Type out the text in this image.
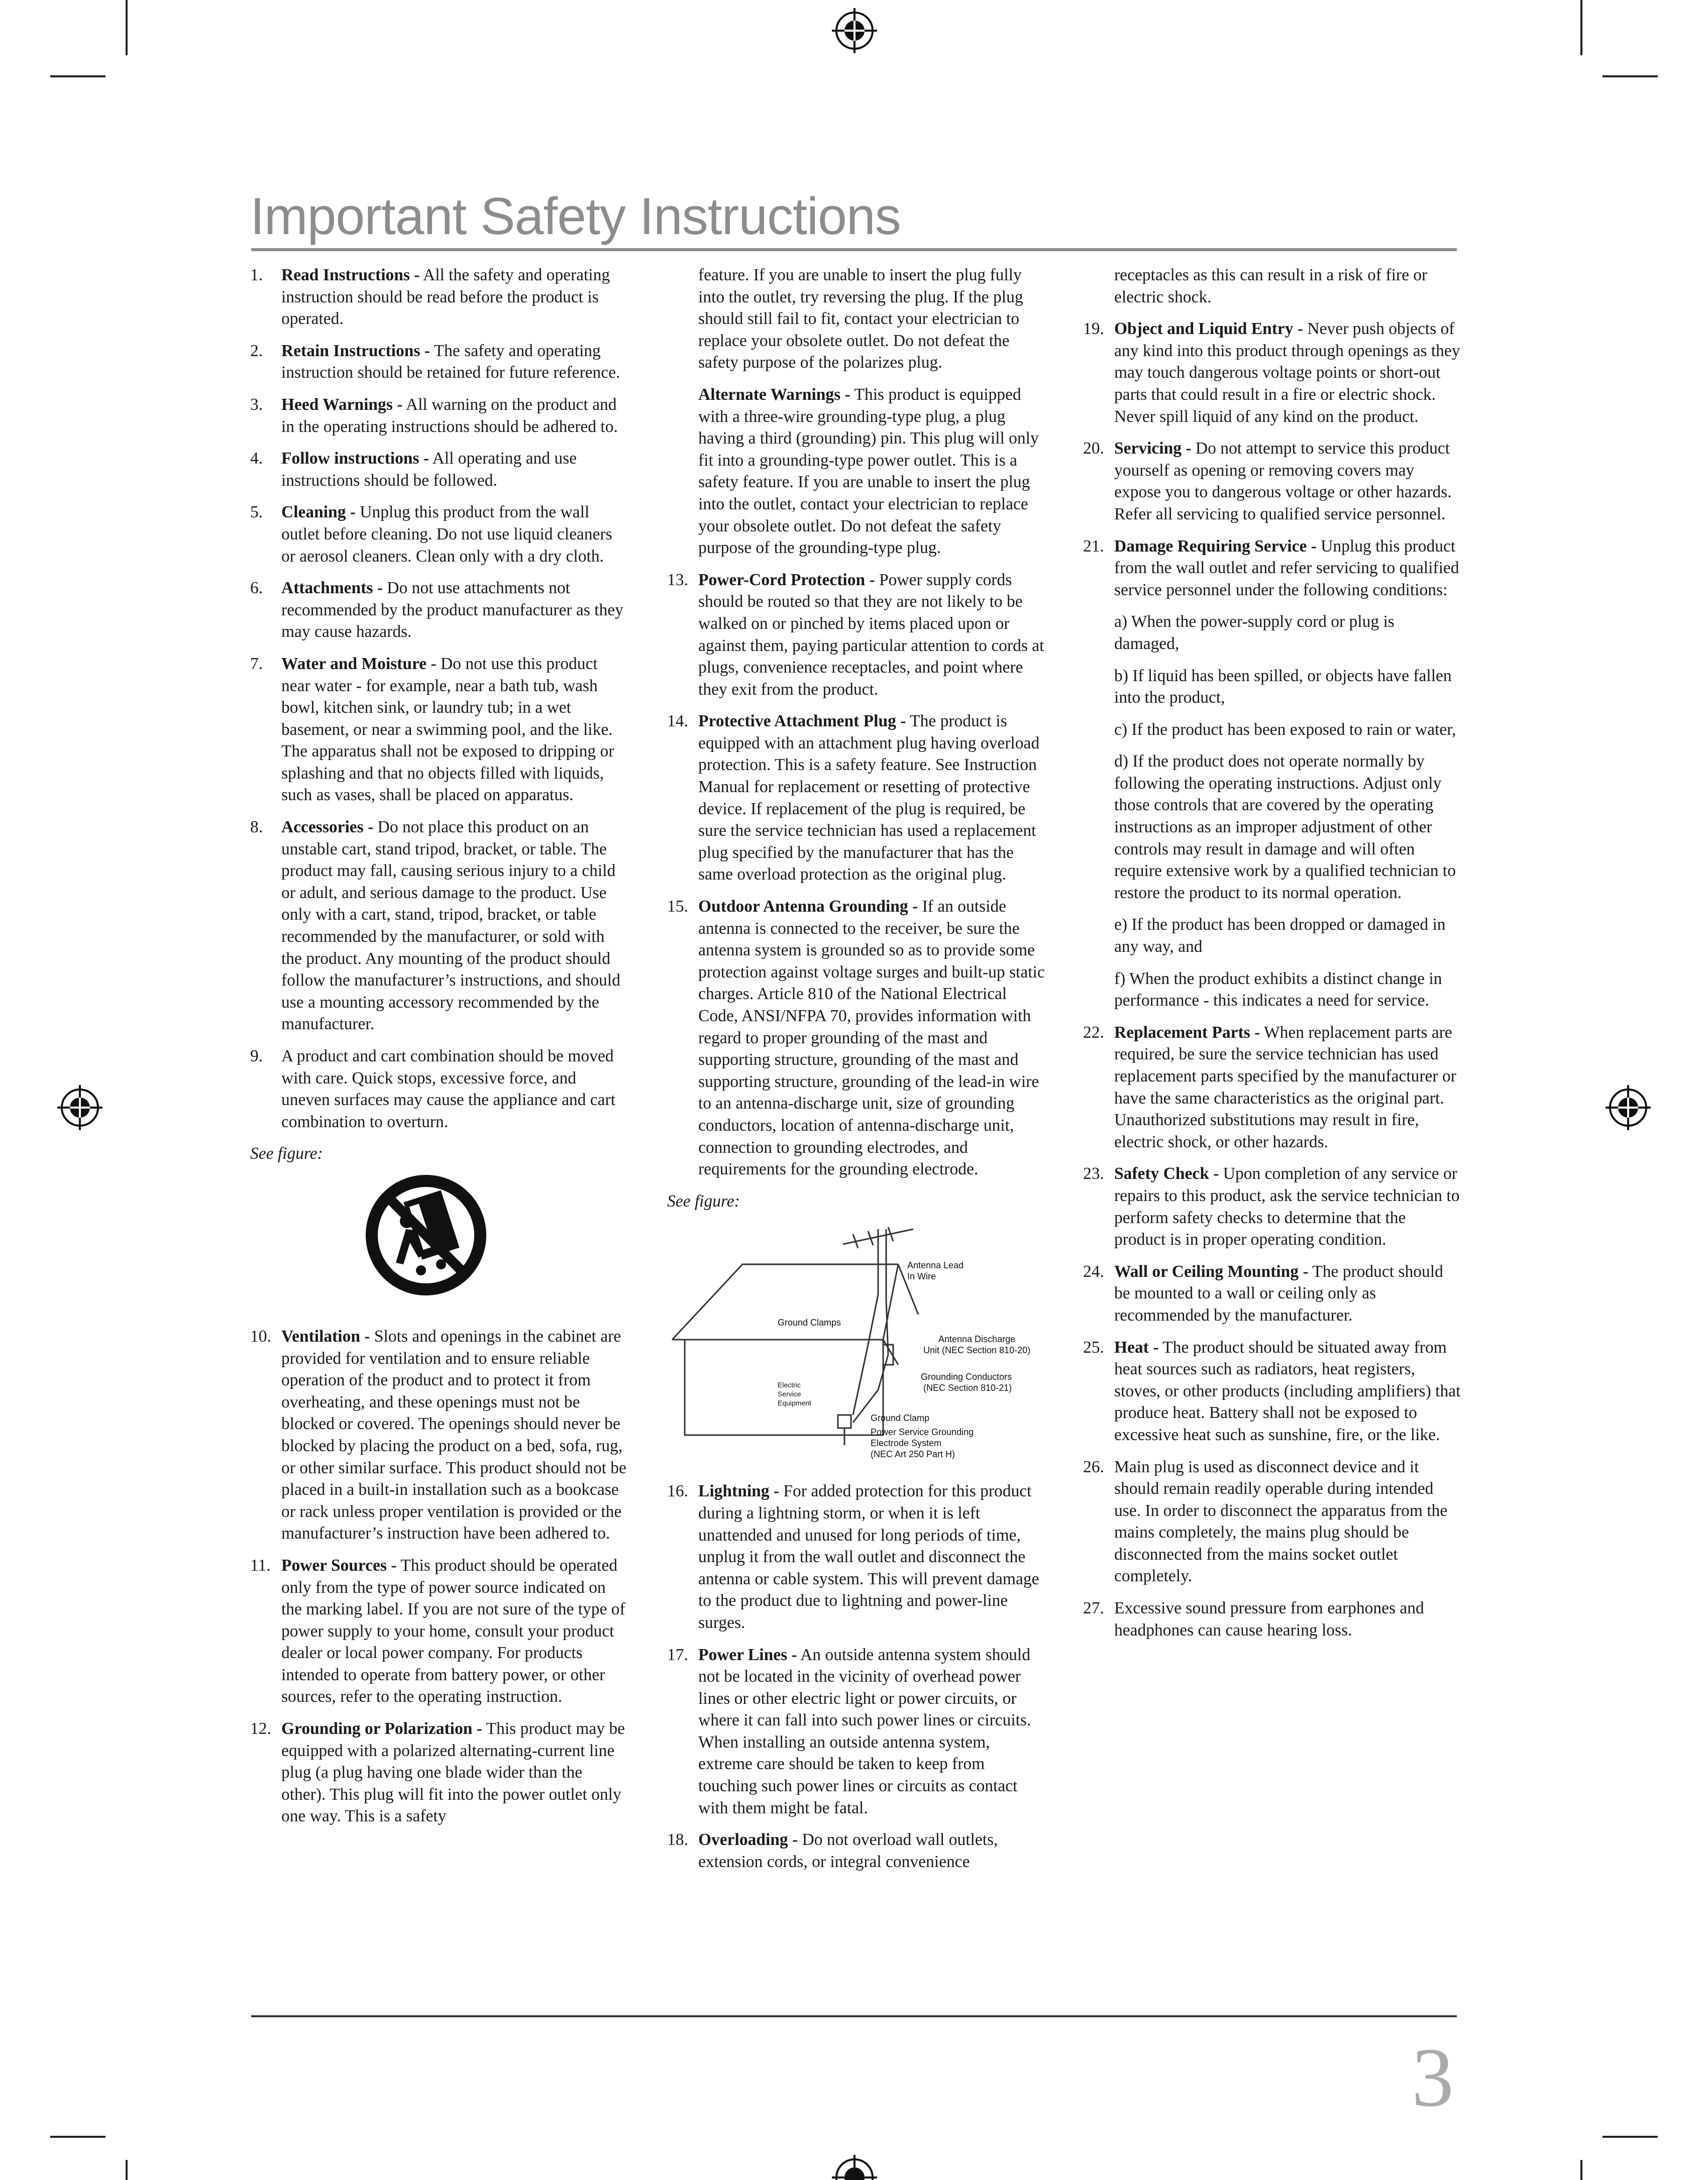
Important Safety Instructions
1. Read Instructions - All the safety and operating instruction should be read before the product is operated.
2. Retain Instructions - The safety and operating instruction should be retained for future reference.
3. Heed Warnings - All warning on the product and in the operating instructions should be adhered to.
4. Follow instructions - All operating and use instructions should be followed.
5. Cleaning - Unplug this product from the wall outlet before cleaning. Do not use liquid cleaners or aerosol cleaners. Clean only with a dry cloth.
6. Attachments - Do not use attachments not recommended by the product manufacturer as they may cause hazards.
7. Water and Moisture - Do not use this product near water - for example, near a bath tub, wash bowl, kitchen sink, or laundry tub; in a wet basement, or near a swimming pool, and the like. The apparatus shall not be exposed to dripping or splashing and that no objects filled with liquids, such as vases, shall be placed on apparatus.
8. Accessories - Do not place this product on an unstable cart, stand tripod, bracket, or table. The product may fall, causing serious injury to a child or adult, and serious damage to the product. Use only with a cart, stand, tripod, bracket, or table recommended by the manufacturer, or sold with the product. Any mounting of the product should follow the manufacturer’s instructions, and should use a mounting accessory recommended by the manufacturer.
9. A product and cart combination should be moved with care. Quick stops, excessive force, and uneven surfaces may cause the appliance and cart combination to overturn.
See figure:
10. Ventilation - Slots and openings in the cabinet are provided for ventilation and to ensure reliable operation of the product and to protect it from overheating, and these openings must not be blocked or covered. The openings should never be blocked by placing the product on a bed, sofa, rug, or other similar surface. This product should not be placed in a built-in installation such as a bookcase or rack unless proper ventilation is provided or the manufacturer’s instruction have been adhered to.
11. Power Sources - This product should be operated only from the type of power source indicated on the marking label. If you are not sure of the type of power supply to your home, consult your product dealer or local power company. For products intended to operate from battery power, or other sources, refer to the operating instruction.
12. Grounding or Polarization - This product may be equipped with a polarized alternating-current line plug (a plug having one blade wider than the other). This plug will fit into the power outlet only one way. This is a safety
feature. If you are unable to insert the plug fully into the outlet, try reversing the plug. If the plug should still fail to fit, contact your electrician to replace your obsolete outlet. Do not defeat the safety purpose of the polarizes plug.
Alternate Warnings - This product is equipped with a three-wire grounding-type plug, a plug having a third (grounding) pin. This plug will only fit into a grounding-type power outlet. This is a safety feature. If you are unable to insert the plug into the outlet, contact your electrician to replace your obsolete outlet. Do not defeat the safety purpose of the grounding-type plug.
13. Power-Cord Protection - Power supply cords should be routed so that they are not likely to be walked on or pinched by items placed upon or against them, paying particular attention to cords at plugs, convenience receptacles, and point where they exit from the product.
14. Protective Attachment Plug - The product is equipped with an attachment plug having overload protection. This is a safety feature. See Instruction Manual for replacement or resetting of protective device. If replacement of the plug is required, be sure the service technician has used a replacement plug specified by the manufacturer that has the same overload protection as the original plug.
15. Outdoor Antenna Grounding - If an outside antenna is connected to the receiver, be sure the antenna system is grounded so as to provide some protection against voltage surges and built-up static charges. Article 810 of the National Electrical Code, ANSI/NFPA 70, provides information with regard to proper grounding of the mast and supporting structure, grounding of the mast and supporting structure, grounding of the lead-in wire to an antenna-discharge unit, size of grounding conductors, location of antenna-discharge unit, connection to grounding electrodes, and requirements for the grounding electrode.
See figure:
Antenna Lead
In Wire
Ground Clamps
Antenna Discharge
Unit (NEC Section 810-20)
Grounding Conductors
(NEC Section 810-21)
Electric
Service
Equipment
Ground Clamp
Power Service Grounding
Electrode System
(NEC Art 250 Part H)
16. Lightning - For added protection for this product during a lightning storm, or when it is left unattended and unused for long periods of time, unplug it from the wall outlet and disconnect the antenna or cable system. This will prevent damage to the product due to lightning and power-line surges.
17. Power Lines - An outside antenna system should not be located in the vicinity of overhead power lines or other electric light or power circuits, or where it can fall into such power lines or circuits. When installing an outside antenna system, extreme care should be taken to keep from touching such power lines or circuits as contact with them might be fatal.
18. Overloading - Do not overload wall outlets, extension cords, or integral convenience
receptacles as this can result in a risk of fire or electric shock.
19. Object and Liquid Entry - Never push objects of any kind into this product through openings as they may touch dangerous voltage points or short-out parts that could result in a fire or electric shock. Never spill liquid of any kind on the product.
20. Servicing - Do not attempt to service this product yourself as opening or removing covers may expose you to dangerous voltage or other hazards. Refer all servicing to qualified service personnel.
21. Damage Requiring Service - Unplug this product from the wall outlet and refer servicing to qualified service personnel under the following conditions:
a) When the power-supply cord or plug is damaged,
b) If liquid has been spilled, or objects have fallen into the product,
c) If the product has been exposed to rain or water,
d) If the product does not operate normally by following the operating instructions. Adjust only those controls that are covered by the operating instructions as an improper adjustment of other controls may result in damage and will often require extensive work by a qualified technician to restore the product to its normal operation.
e) If the product has been dropped or damaged in any way, and
f) When the product exhibits a distinct change in performance - this indicates a need for service.
22. Replacement Parts - When replacement parts are required, be sure the service technician has used replacement parts specified by the manufacturer or have the same characteristics as the original part. Unauthorized substitutions may result in fire, electric shock, or other hazards.
23. Safety Check - Upon completion of any service or repairs to this product, ask the service technician to perform safety checks to determine that the product is in proper operating condition.
24. Wall or Ceiling Mounting - The product should be mounted to a wall or ceiling only as recommended by the manufacturer.
25. Heat - The product should be situated away from heat sources such as radiators, heat registers, stoves, or other products (including amplifiers) that produce heat. Battery shall not be exposed to excessive heat such as sunshine, fire, or the like.
26. Main plug is used as disconnect device and it should remain readily operable during intended use. In order to disconnect the apparatus from the mains completely, the mains plug should be disconnected from the mains socket outlet completely.
27. Excessive sound pressure from earphones and headphones can cause hearing loss.
3
